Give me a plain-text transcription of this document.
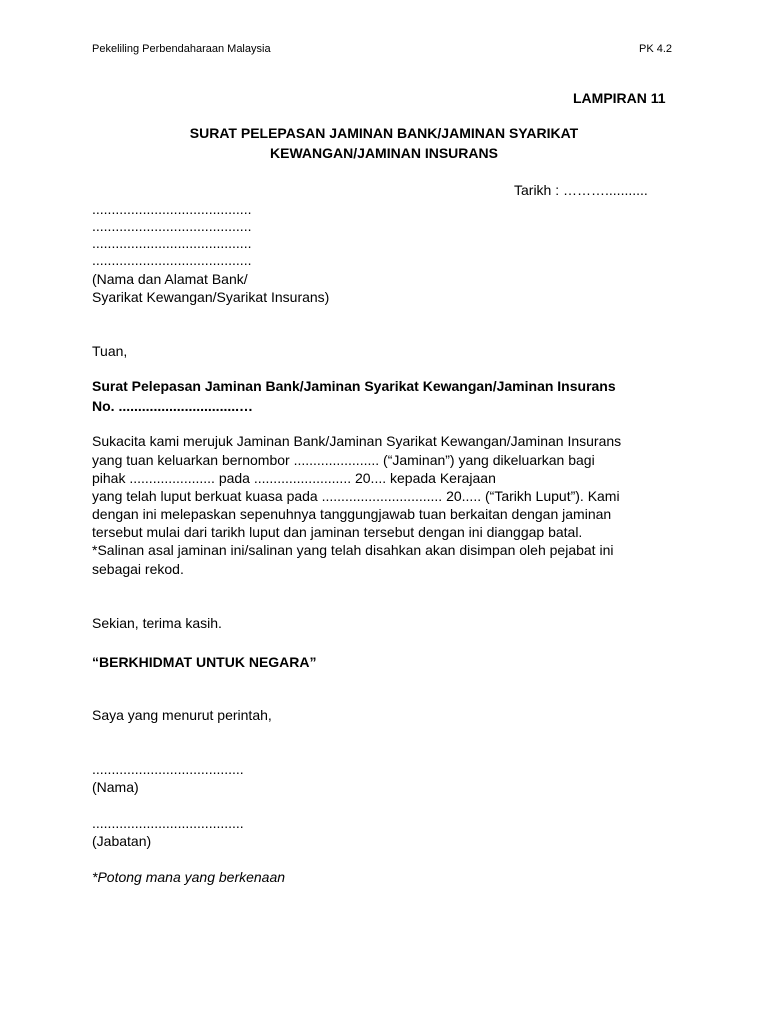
Pekeliling Perbendaharaan Malaysia	PK 4.2
LAMPIRAN 11
SURAT PELEPASAN JAMINAN BANK/JAMINAN SYARIKAT
KEWANGAN/JAMINAN INSURANS
Tarikh : ………...........
.........................................
.........................................
.........................................
.........................................
(Nama dan Alamat Bank/
Syarikat Kewangan/Syarikat Insurans)
Tuan,
Surat Pelepasan Jaminan Bank/Jaminan Syarikat Kewangan/Jaminan Insurans
No. ...............................…
Sukacita kami merujuk Jaminan Bank/Jaminan Syarikat Kewangan/Jaminan Insurans
yang tuan keluarkan bernombor ...................... (“Jaminan”) yang dikeluarkan bagi
pihak ...................... pada ......................... 20.... kepada Kerajaan
yang telah luput berkuat kuasa pada ............................... 20..... (“Tarikh Luput”). Kami
dengan ini melepaskan sepenuhnya tanggungjawab tuan berkaitan dengan jaminan
tersebut mulai dari tarikh luput dan jaminan tersebut dengan ini dianggap batal.
*Salinan asal jaminan ini/salinan yang telah disahkan akan disimpan oleh pejabat ini
sebagai rekod.
Sekian, terima kasih.
“BERKHIDMAT UNTUK NEGARA”
Saya yang menurut perintah,
.......................................
(Nama)
.......................................
(Jabatan)
*Potong mana yang berkenaan
